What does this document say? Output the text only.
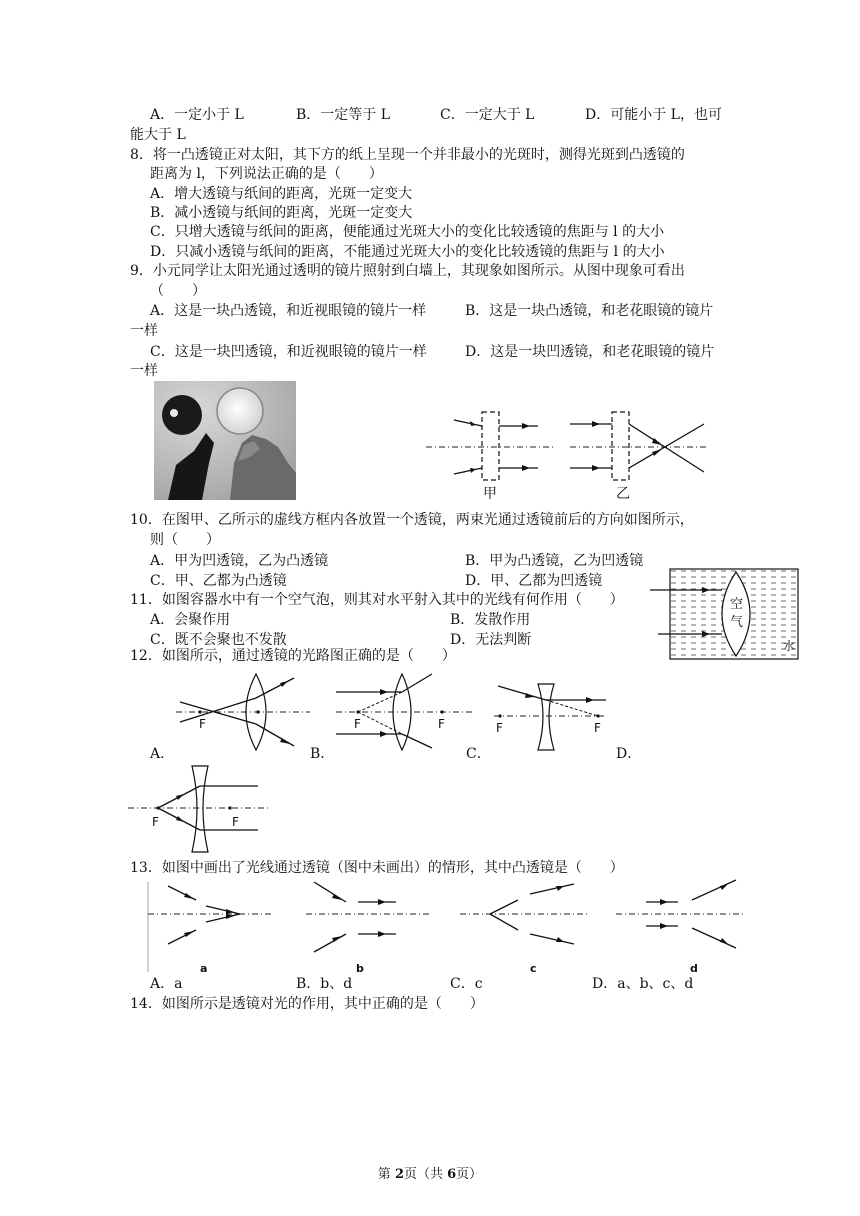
A．一定小于 L	B．一定等于 L	C．一定大于 L	D．可能小于 L，也可
能大于 L
8．将一凸透镜正对太阳，其下方的纸上呈现一个并非最小的光斑时，测得光斑到凸透镜的
距离为 l，下列说法正确的是（　　）
A．增大透镜与纸间的距离，光斑一定变大
B．减小透镜与纸间的距离，光斑一定变大
C．只增大透镜与纸间的距离，便能通过光斑大小的变化比较透镜的焦距与 l 的大小
D．只减小透镜与纸间的距离，不能通过光斑大小的变化比较透镜的焦距与 l 的大小
9．小元同学让太阳光通过透明的镜片照射到白墙上，其现象如图所示。从图中现象可看出
（　　）
A．这是一块凸透镜，和近视眼镜的镜片一样	B．这是一块凸透镜，和老花眼镜的镜片
一样
C．这是一块凹透镜，和近视眼镜的镜片一样	D．这是一块凹透镜，和老花眼镜的镜片
一样
甲	乙
10．在图甲、乙所示的虚线方框内各放置一个透镜，两束光通过透镜前后的方向如图所示，
则（　　）
A．甲为凹透镜，乙为凸透镜	B．甲为凸透镜，乙为凹透镜
C．甲、乙都为凸透镜	D．甲、乙都为凹透镜
11．如图容器水中有一个空气泡，则其对水平射入其中的光线有何作用（　　）
A．会聚作用	B．发散作用
C．既不会聚也不发散	D．无法判断
空
气
水
12．如图所示，通过透镜的光路图正确的是（　　）
F
A．
F	F
B．
F	F
C．	D．
F	F
13．如图中画出了光线通过透镜（图中未画出）的情形，其中凸透镜是（　　）
a	b	c	d
A．a	B．b、d	C．c	D．a、b、c、d
14．如图所示是透镜对光的作用，其中正确的是（　　）
第 2页（共 6页）
